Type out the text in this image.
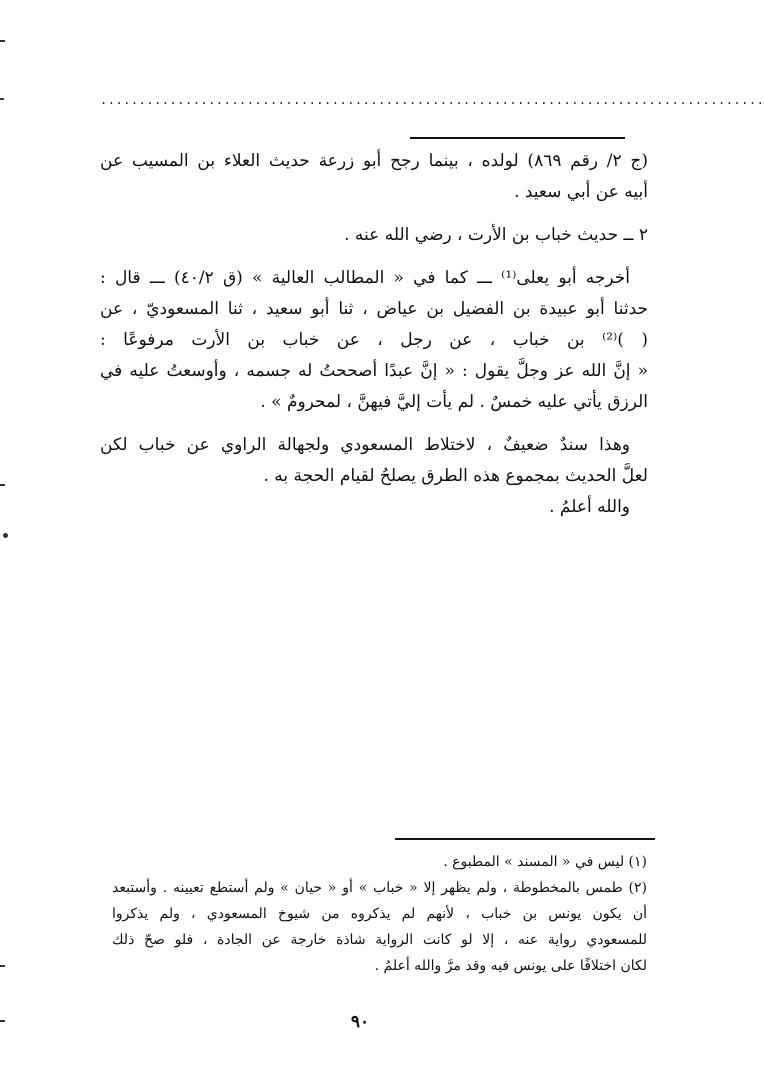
......................................................................................
(ج ٢/ رقم ٨٦٩) لولده ، بينما رجح أبو زرعة حديث العلاء بن المسيب عن
أبيه عن أبي سعيد .
٢ ــ حديث خباب بن الأرت ، رضي الله عنه .
أخرجه أبو يعلى⁽¹⁾ ـــ كما في « المطالب العالية » (ق ٤٠/٢) ـــ قال :
حدثنا أبو عبيدة بن الفضيل بن عياض ، ثنا أبو سعيد ، ثنا المسعوديّ ، عن
( )⁽²⁾ بن خباب ، عن رجل ، عن خباب بن الأرت مرفوعًا :
« إنَّ الله عز وجلَّ يقول : « إنَّ عبدًا أصححتُ له جسمه ، وأوسعتُ عليه في
الرزق يأتي عليه خمسٌ . لم يأت إليَّ فيهنَّ ، لمحرومٌ » .
وهذا سندٌ ضعيفٌ ، لاختلاط المسعودي ولجهالة الراوي عن خباب لكن
لعلَّ الحديث بمجموع هذه الطرق يصلحُ لقيام الحجة به .
والله أعلمُ .
(١) ليس في « المسند » المطبوع .
(٢) طمس بالمخطوطة ، ولم يظهر إلا « خباب » أو « حيان » ولم أستطع تعيينه . وأستبعد
أن يكون يونس بن خباب ، لأنهم لم يذكروه من شيوخ المسعودي ، ولم يذكروا
للمسعودي رواية عنه ، إلا لو كانت الرواية شاذة خارجة عن الجادة ، فلو صحّ ذلك
لكان اختلافًا على يونس فيه وقد مرَّ والله أعلمُ .
٩٠
